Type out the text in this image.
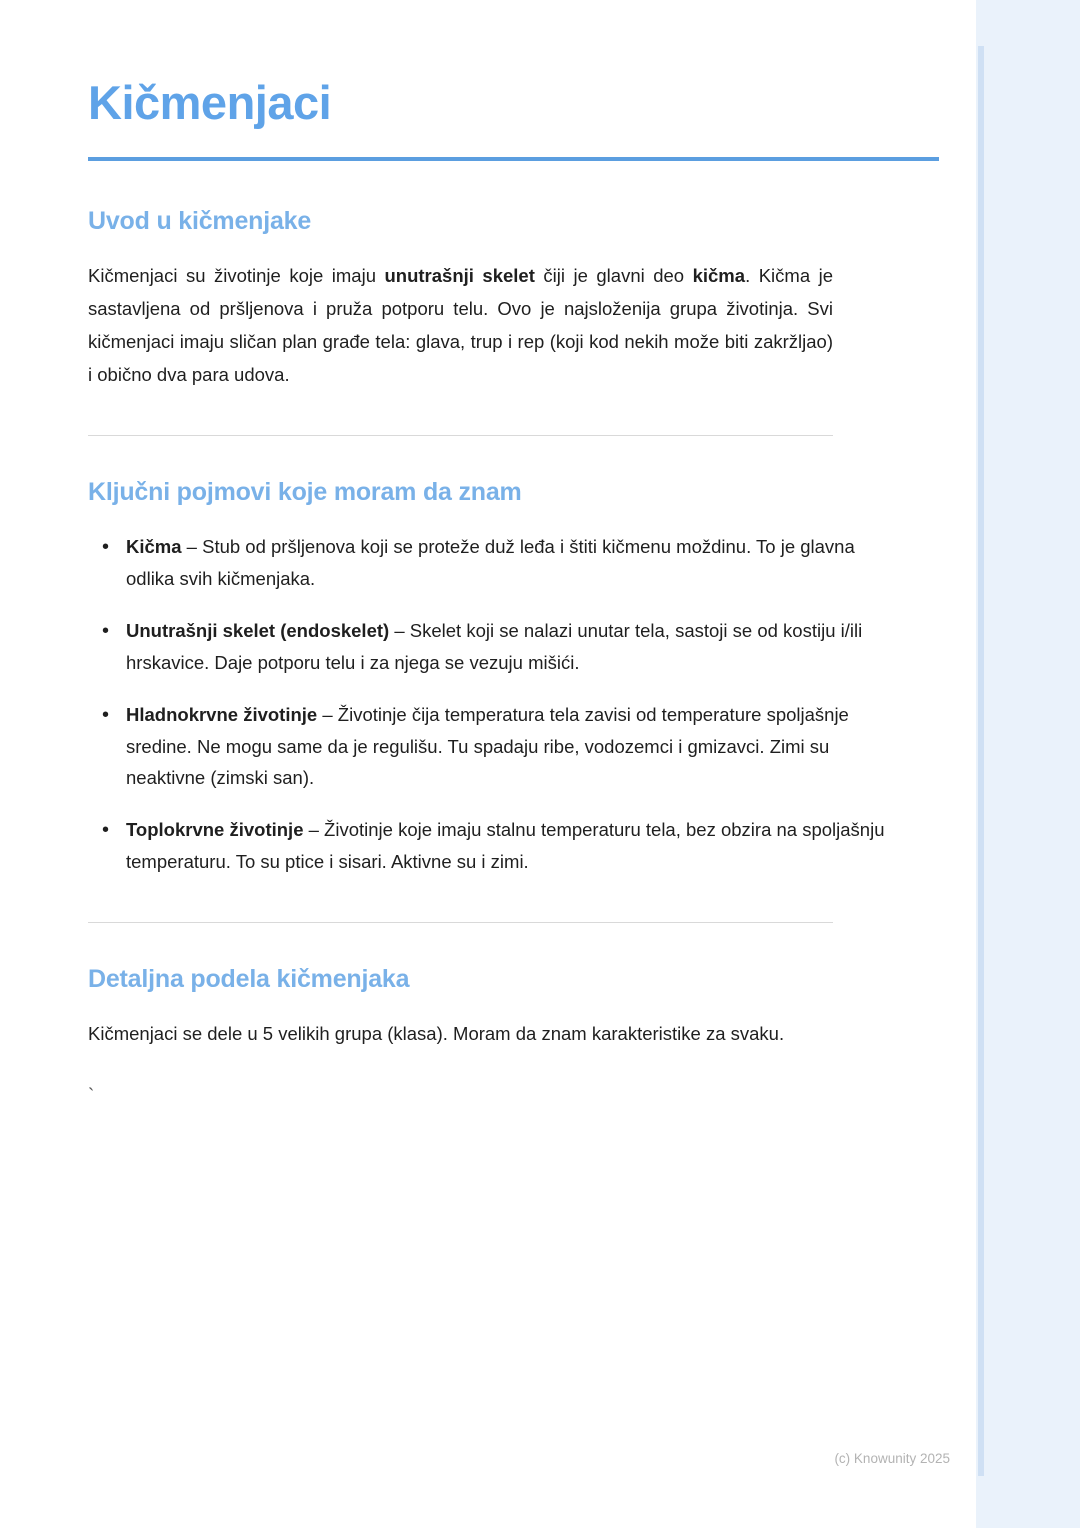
Kičmenjaci
Uvod u kičmenjake

Kičmenjaci su životinje koje imaju unutrašnji skelet čiji je glavni deo kičma. Kičma je sastavljena od pršljenova i pruža potporu telu. Ovo je najsloženija grupa životinja. Svi kičmenjaci imaju sličan plan građe tela: glava, trup i rep (koji kod nekih može biti zakržljao) i obično dva para udova.

Ključni pojmovi koje moram da znam
• Kičma – Stub od pršljenova koji se proteže duž leđa i štiti kičmenu moždinu. To je glavna odlika svih kičmenjaka.
• Unutrašnji skelet (endoskelet) – Skelet koji se nalazi unutar tela, sastoji se od kostiju i/ili hrskavice. Daje potporu telu i za njega se vezuju mišići.
• Hladnokrvne životinje – Životinje čija temperatura tela zavisi od temperature spoljašnje sredine. Ne mogu same da je regulišu. Tu spadaju ribe, vodozemci i gmizavci. Zimi su neaktivne (zimski san).
• Toplokrvne životinje – Životinje koje imaju stalnu temperaturu tela, bez obzira na spoljašnju temperaturu. To su ptice i sisari. Aktivne su i zimi.
Detaljna podela kičmenjaka

Kičmenjaci se dele u 5 velikih grupa (klasa). Moram da znam karakteristike za svaku.

`

(c) Knowunity 2025
